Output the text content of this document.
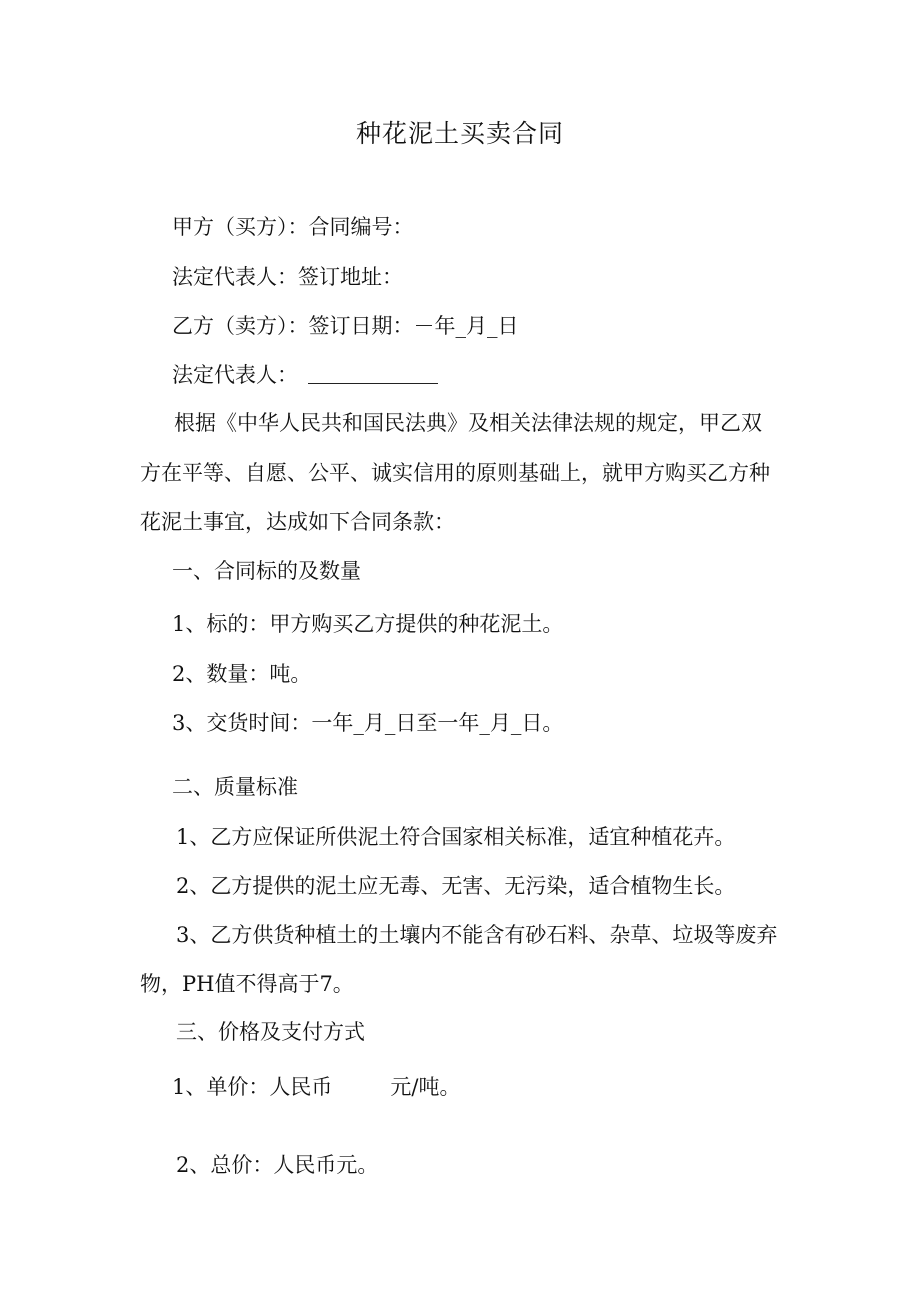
种花泥土买卖合同
甲方（买方）：合同编号：
法定代表人：签订地址：
乙方（卖方）：签订日期：－年_月_日
法定代表人：
根据《中华人民共和国民法典》及相关法律法规的规定，甲乙双
方在平等、自愿、公平、诚实信用的原则基础上，就甲方购买乙方种
花泥土事宜，达成如下合同条款：
一、合同标的及数量
1、标的：甲方购买乙方提供的种花泥土。
2、数量：吨。
3、交货时间：一年_月_日至一年_月_日。
二、质量标准
1、乙方应保证所供泥土符合国家相关标准，适宜种植花卉。
2、乙方提供的泥土应无毒、无害、无污染，适合植物生长。
3、乙方供货种植土的土壤内不能含有砂石料、杂草、垃圾等废弃
物，PH值不得高于7。
三、价格及支付方式
1、单价：人民币	元/吨。
2、总价：人民币元。
